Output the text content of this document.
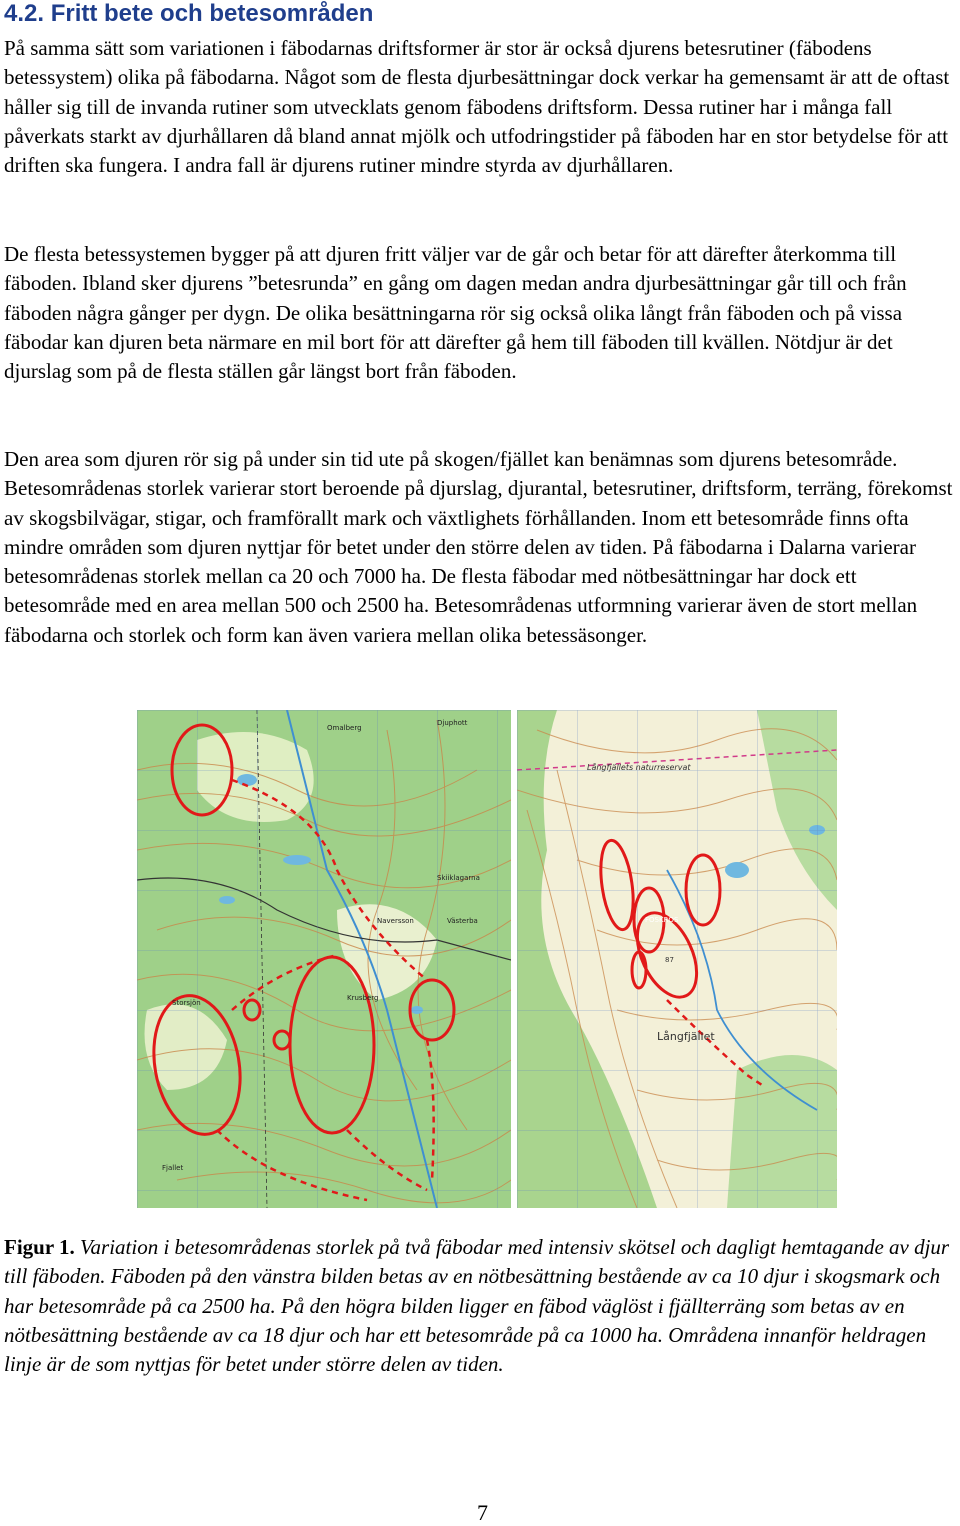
4.2. Fritt bete och betesområden

På samma sätt som variationen i fäbodarnas driftsformer är stor är också djurens betesrutiner (fäbodens betessystem) olika på fäbodarna. Något som de flesta djurbesättningar dock verkar ha gemensamt är att de oftast håller sig till de invanda rutiner som utvecklats genom fäbodens driftsform. Dessa rutiner har i många fall påverkats starkt av djurhållaren då bland annat mjölk och utfodringstider på fäboden har en stor betydelse för att driften ska fungera. I andra fall är djurens rutiner mindre styrda av djurhållaren.

De flesta betessystemen bygger på att djuren fritt väljer var de går och betar för att därefter återkomma till fäboden. Ibland sker djurens ”betesrunda” en gång om dagen medan andra djurbesättningar går till och från fäboden några gånger per dygn. De olika besättningarna rör sig också olika långt från fäboden och på vissa fäbodar kan djuren beta närmare en mil bort för att därefter gå hem till fäboden till kvällen. Nötdjur är det djurslag som på de flesta ställen går längst bort från fäboden.

Den area som djuren rör sig på under sin tid ute på skogen/fjället kan benämnas som djurens betesområde. Betesområdenas storlek varierar stort beroende på djurslag, djurantal, betesrutiner, driftsform, terräng, förekomst av skogsbilvägar, stigar, och framförallt mark och växtlighets förhållanden. Inom ett betesområde finns ofta mindre områden som djuren nyttjar för betet under den större delen av tiden. På fäbodarna i Dalarna varierar betesområdenas storlek mellan ca 20 och 7000 ha. De flesta fäbodar med nötbesättningar har dock ett betesområde med en area mellan 500 och 2500 ha. Betesområdenas utformning varierar även de stort mellan fäbodarna och storlek och form kan även variera mellan olika betessäsonger.

Omalberg
Djuphott
Naversson
Skiiklagarna
Västerba
Krusberg
Storsjön
Fjallet
Långfjällets naturreservat
FOSKROS
Långfjället
87

Figur 1. Variation i betesområdenas storlek på två fäbodar med intensiv skötsel och dagligt hemtagande av djur till fäboden. Fäboden på den vänstra bilden betas av en nötbesättning bestående av ca 10 djur i skogsmark och har betesområde på ca 2500 ha. På den högra bilden ligger en fäbod väglöst i fjällterräng som betas av en nötbesättning bestående av ca 18 djur och har ett betesområde på ca 1000 ha. Områdena innanför heldragen linje är de som nyttjas för betet under större delen av tiden.

7
